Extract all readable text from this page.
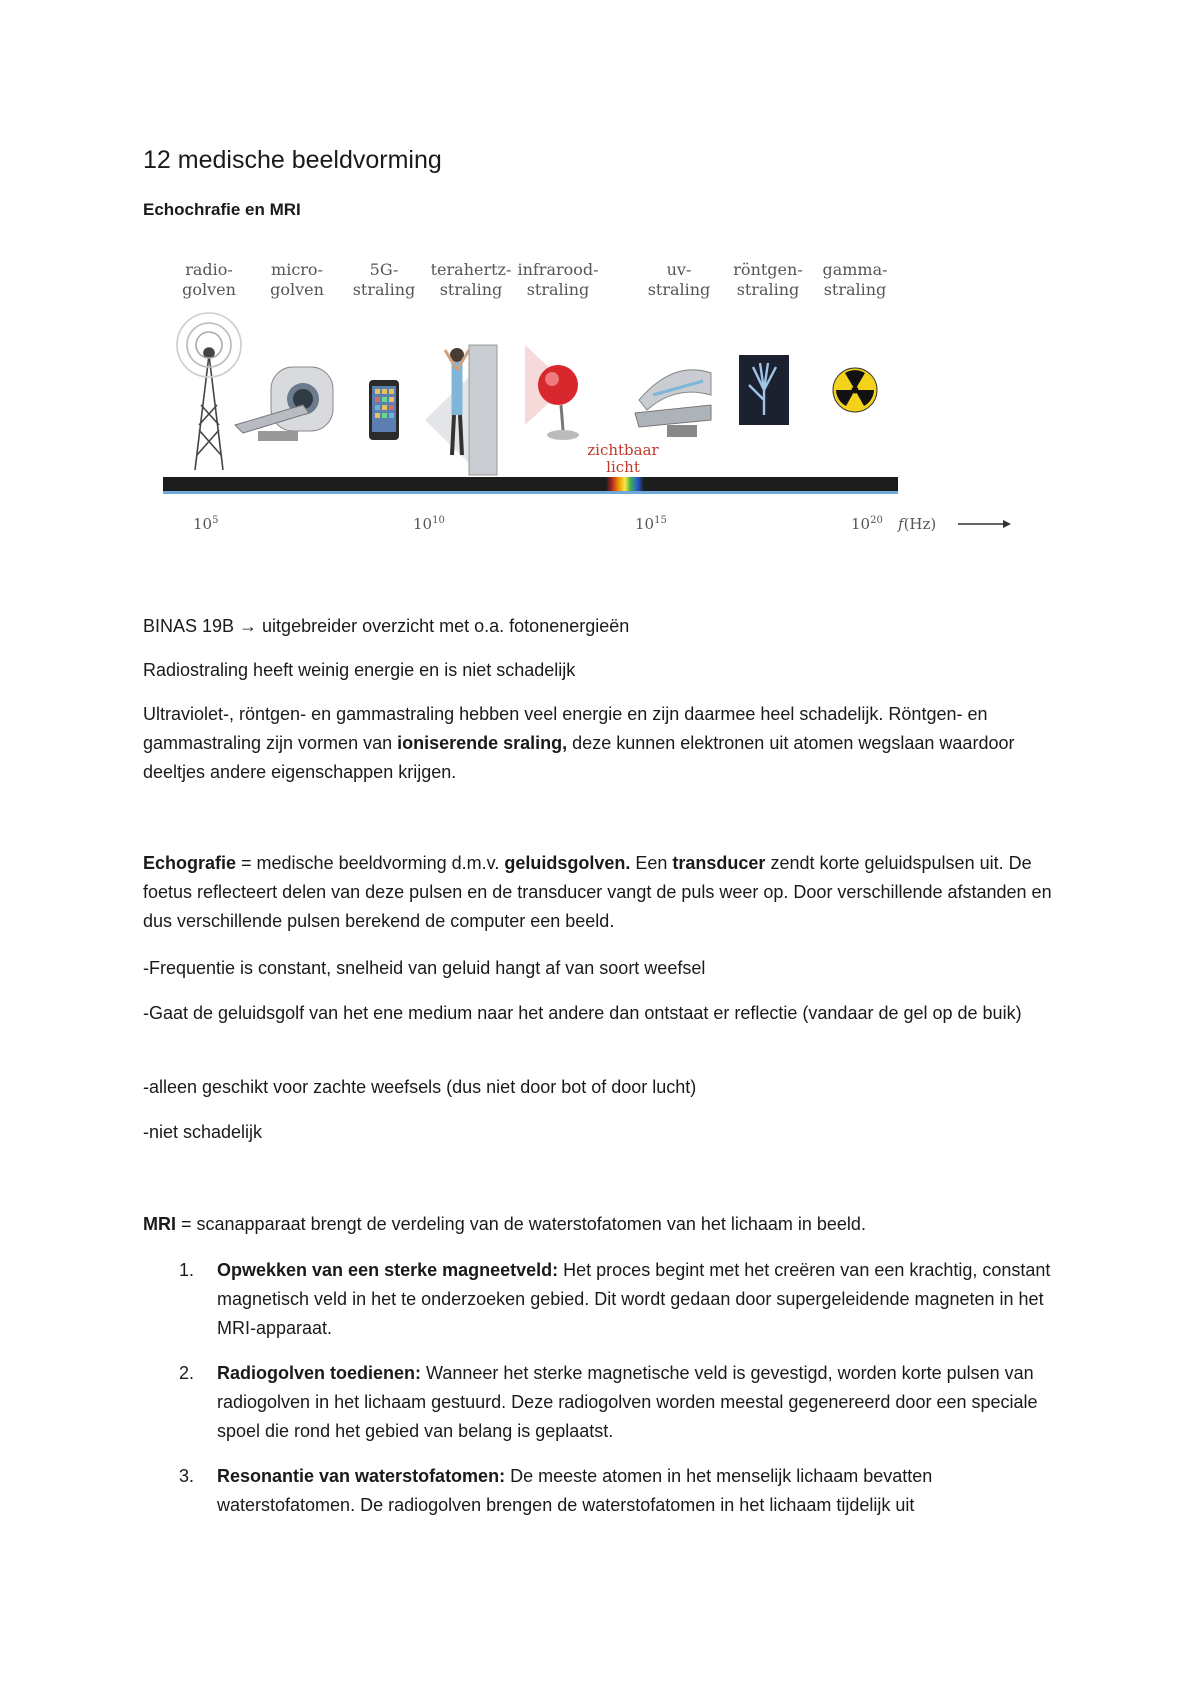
12 medische beeldvorming
Echochrafie en MRI
radio-
golven
micro-
golven
5G-
straling
terahertz-
straling
infrarood-
straling
uv-
straling
röntgen-
straling
gamma-
straling
zichtbaar
licht
$10^5$	$10^{10}$	$10^{15}$	$10^{20}$ f(Hz)

BINAS 19B → uitgebreider overzicht met o.a. fotonenergieën

Radiostraling heeft weinig energie en is niet schadelijk

Ultraviolet-, röntgen- en gammastraling hebben veel energie en zijn daarmee heel schadelijk. Röntgen- en gammastraling zijn vormen van ioniserende sraling, deze kunnen elektronen uit atomen wegslaan waardoor deeltjes andere eigenschappen krijgen.

Echografie = medische beeldvorming d.m.v. geluidsgolven. Een transducer zendt korte geluidspulsen uit. De foetus reflecteert delen van deze pulsen en de transducer vangt de puls weer op. Door verschillende afstanden en dus verschillende pulsen berekend de computer een beeld.

-Frequentie is constant, snelheid van geluid hangt af van soort weefsel

-Gaat de geluidsgolf van het ene medium naar het andere dan ontstaat er reflectie (vandaar de gel op de buik)

-alleen geschikt voor zachte weefsels (dus niet door bot of door lucht)

-niet schadelijk

MRI = scanapparaat brengt de verdeling van de waterstofatomen van het lichaam in beeld.

1. Opwekken van een sterke magneetveld: Het proces begint met het creëren van een krachtig, constant magnetisch veld in het te onderzoeken gebied. Dit wordt gedaan door supergeleidende magneten in het MRI-apparaat.
2. Radiogolven toedienen: Wanneer het sterke magnetische veld is gevestigd, worden korte pulsen van radiogolven in het lichaam gestuurd. Deze radiogolven worden meestal gegenereerd door een speciale spoel die rond het gebied van belang is geplaatst.
3. Resonantie van waterstofatomen: De meeste atomen in het menselijk lichaam bevatten waterstofatomen. De radiogolven brengen de waterstofatomen in het lichaam tijdelijk uit
